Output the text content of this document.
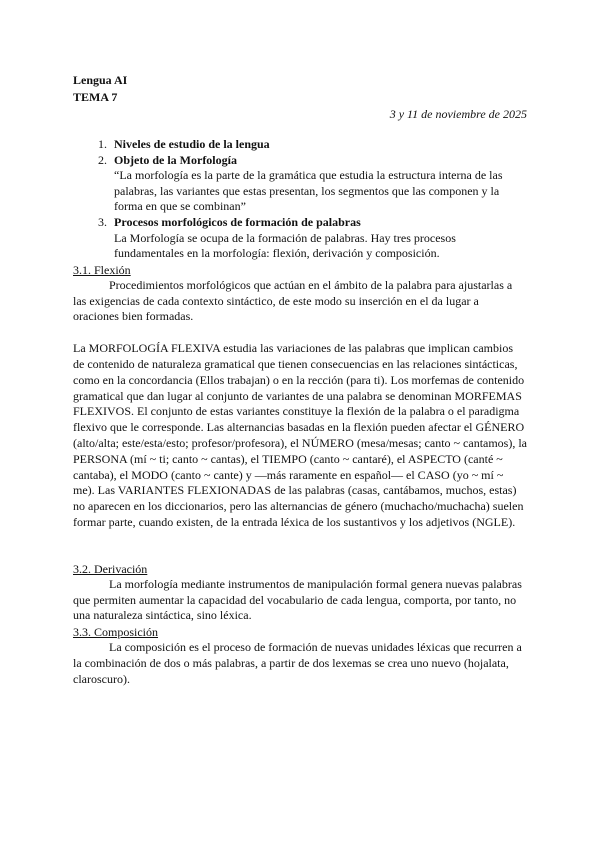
Lengua AI
TEMA 7
3 y 11 de noviembre de 2025
1. Niveles de estudio de la lengua
2. Objeto de la Morfología
“La morfología es la parte de la gramática que estudia la estructura interna de las palabras, las variantes que estas presentan, los segmentos que las componen y la forma en que se combinan”
3. Procesos morfológicos de formación de palabras
La Morfología se ocupa de la formación de palabras. Hay tres procesos fundamentales en la morfología: flexión, derivación y composición.
3.1. Flexión

Procedimientos morfológicos que actúan en el ámbito de la palabra para ajustarlas a las exigencias de cada contexto sintáctico, de este modo su inserción en el da lugar a oraciones bien formadas.

La MORFOLOGÍA FLEXIVA estudia las variaciones de las palabras que implican cambios de contenido de naturaleza gramatical que tienen consecuencias en las relaciones sintácticas, como en la concordancia (Ellos trabajan) o en la rección (para ti). Los morfemas de contenido gramatical que dan lugar al conjunto de variantes de una palabra se denominan MORFEMAS FLEXIVOS. El conjunto de estas variantes constituye la flexión de la palabra o el paradigma flexivo que le corresponde. Las alternancias basadas en la flexión pueden afectar el GÉNERO (alto/alta; este/esta/esto; profesor/profesora), el NÚMERO (mesa/mesas; canto ~ cantamos), la PERSONA (mí ~ ti; canto ~ cantas), el TIEMPO (canto ~ cantaré), el ASPECTO (canté ~ cantaba), el MODO (canto ~ cante) y —más raramente en español— el CASO (yo ~ mí ~ me). Las VARIANTES FLEXIONADAS de las palabras (casas, cantábamos, muchos, estas) no aparecen en los diccionarios, pero las alternancias de género (muchacho/muchacha) suelen formar parte, cuando existen, de la entrada léxica de los sustantivos y los adjetivos (NGLE).

3.2. Derivación

La morfología mediante instrumentos de manipulación formal genera nuevas palabras que permiten aumentar la capacidad del vocabulario de cada lengua, comporta, por tanto, no una naturaleza sintáctica, sino léxica.

3.3. Composición

La composición es el proceso de formación de nuevas unidades léxicas que recurren a la combinación de dos o más palabras, a partir de dos lexemas se crea uno nuevo (hojalata, claroscuro).
